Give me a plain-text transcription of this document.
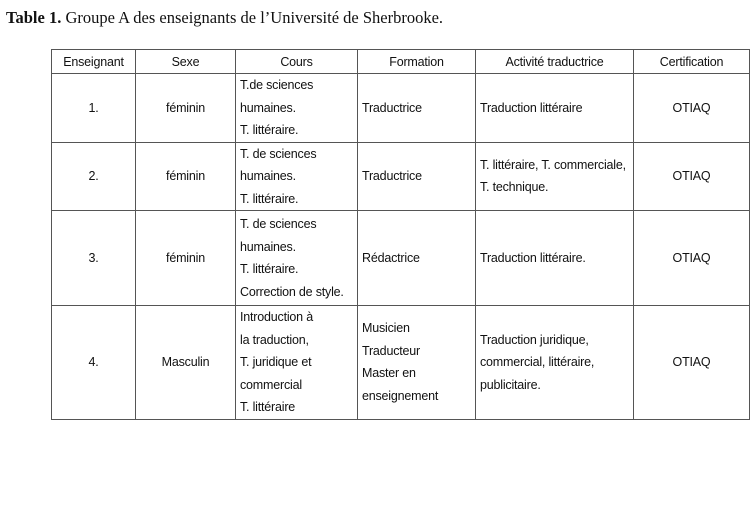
Table 1. Groupe A des enseignants de l’Université de Sherbrooke.
Enseignant	Sexe	Cours	Formation	Activité traductrice	Certification
1.	féminin	T.de sciences
humaines.
T. littéraire.	Traductrice	Traduction littéraire	OTIAQ
2.	féminin	T. de sciences
humaines.
T. littéraire.	Traductrice	T. littéraire, T. commerciale,
T. technique.	OTIAQ
3.	féminin	T. de sciences
humaines.
T. littéraire.
Correction de style.	Rédactrice	Traduction littéraire.	OTIAQ
4.	Masculin	Introduction à
la traduction,
T. juridique et
commercial
T. littéraire	Musicien
Traducteur
Master en
enseignement	Traduction juridique,
commercial, littéraire,
publicitaire.	OTIAQ
